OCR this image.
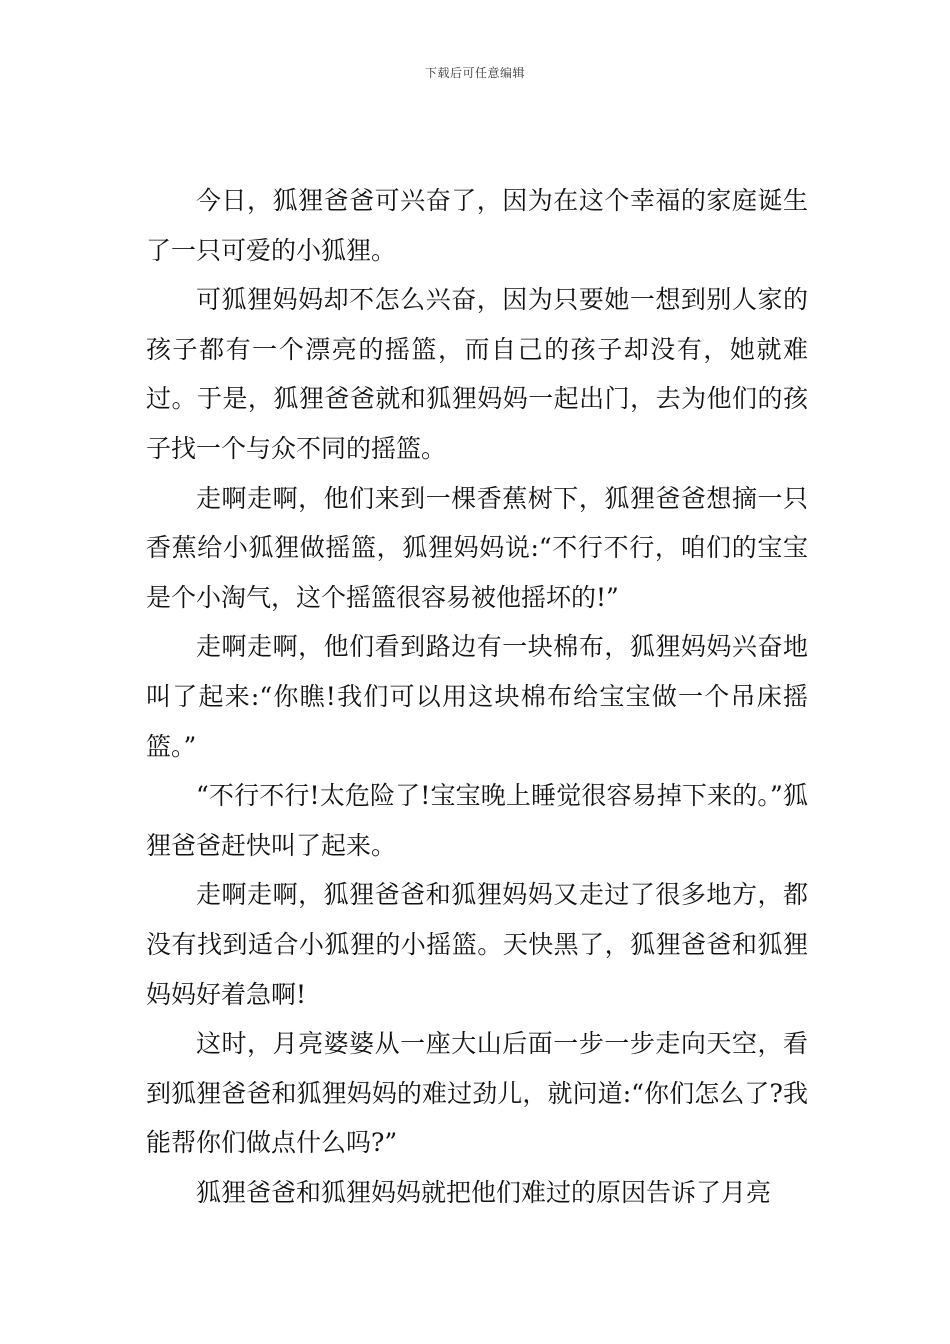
下载后可任意编辑

今日，狐狸爸爸可兴奋了，因为在这个幸福的家庭诞生了一只可爱的小狐狸。

可狐狸妈妈却不怎么兴奋，因为只要她一想到别人家的孩子都有一个漂亮的摇篮，而自己的孩子却没有，她就难过。于是，狐狸爸爸就和狐狸妈妈一起出门，去为他们的孩子找一个与众不同的摇篮。

走啊走啊，他们来到一棵香蕉树下，狐狸爸爸想摘一只香蕉给小狐狸做摇篮，狐狸妈妈说:“不行不行，咱们的宝宝是个小淘气，这个摇篮很容易被他摇坏的!”

走啊走啊，他们看到路边有一块棉布，狐狸妈妈兴奋地叫了起来:“你瞧!我们可以用这块棉布给宝宝做一个吊床摇篮。”

“不行不行!太危险了!宝宝晚上睡觉很容易掉下来的。”狐狸爸爸赶快叫了起来。

走啊走啊，狐狸爸爸和狐狸妈妈又走过了很多地方，都没有找到适合小狐狸的小摇篮。天快黑了，狐狸爸爸和狐狸妈妈好着急啊!

这时，月亮婆婆从一座大山后面一步一步走向天空，看到狐狸爸爸和狐狸妈妈的难过劲儿，就问道:“你们怎么了?我能帮你们做点什么吗?”

狐狸爸爸和狐狸妈妈就把他们难过的原因告诉了月亮
